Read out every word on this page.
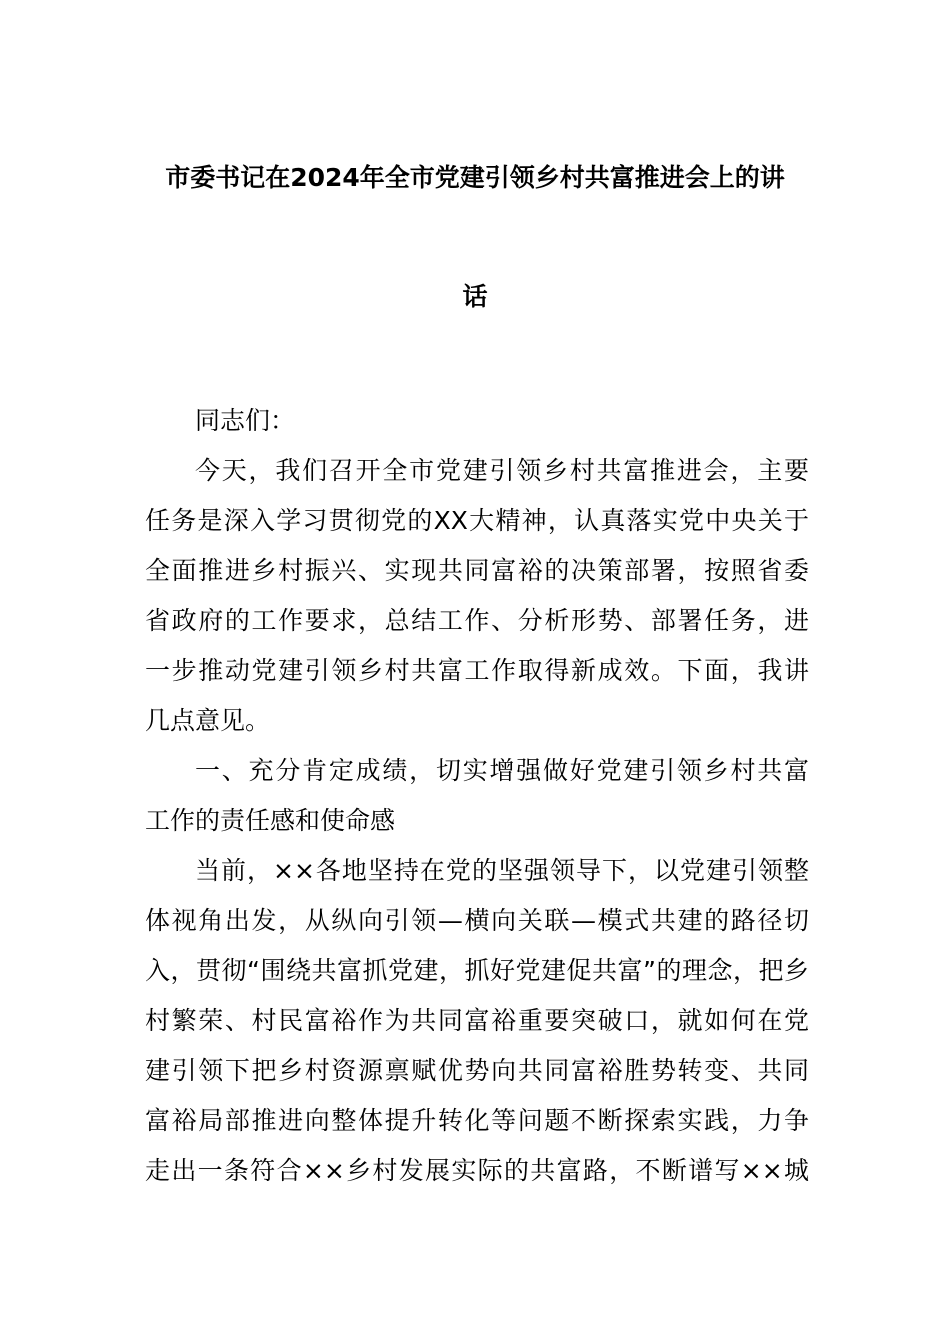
市委书记在2024年全市党建引领乡村共富推进会上的讲
话
同志们：
今天，我们召开全市党建引领乡村共富推进会，主要
任务是深入学习贯彻党的XX大精神，认真落实党中央关于
全面推进乡村振兴、实现共同富裕的决策部署，按照省委
省政府的工作要求，总结工作、分析形势、部署任务，进
一步推动党建引领乡村共富工作取得新成效。下面，我讲
几点意见。
一、充分肯定成绩，切实增强做好党建引领乡村共富
工作的责任感和使命感
当前，××各地坚持在党的坚强领导下，以党建引领整
体视角出发，从纵向引领—横向关联—模式共建的路径切
入，贯彻“围绕共富抓党建，抓好党建促共富”的理念，把乡
村繁荣、村民富裕作为共同富裕重要突破口，就如何在党
建引领下把乡村资源禀赋优势向共同富裕胜势转变、共同
富裕局部推进向整体提升转化等问题不断探索实践，力争
走出一条符合××乡村发展实际的共富路，不断谱写××城
